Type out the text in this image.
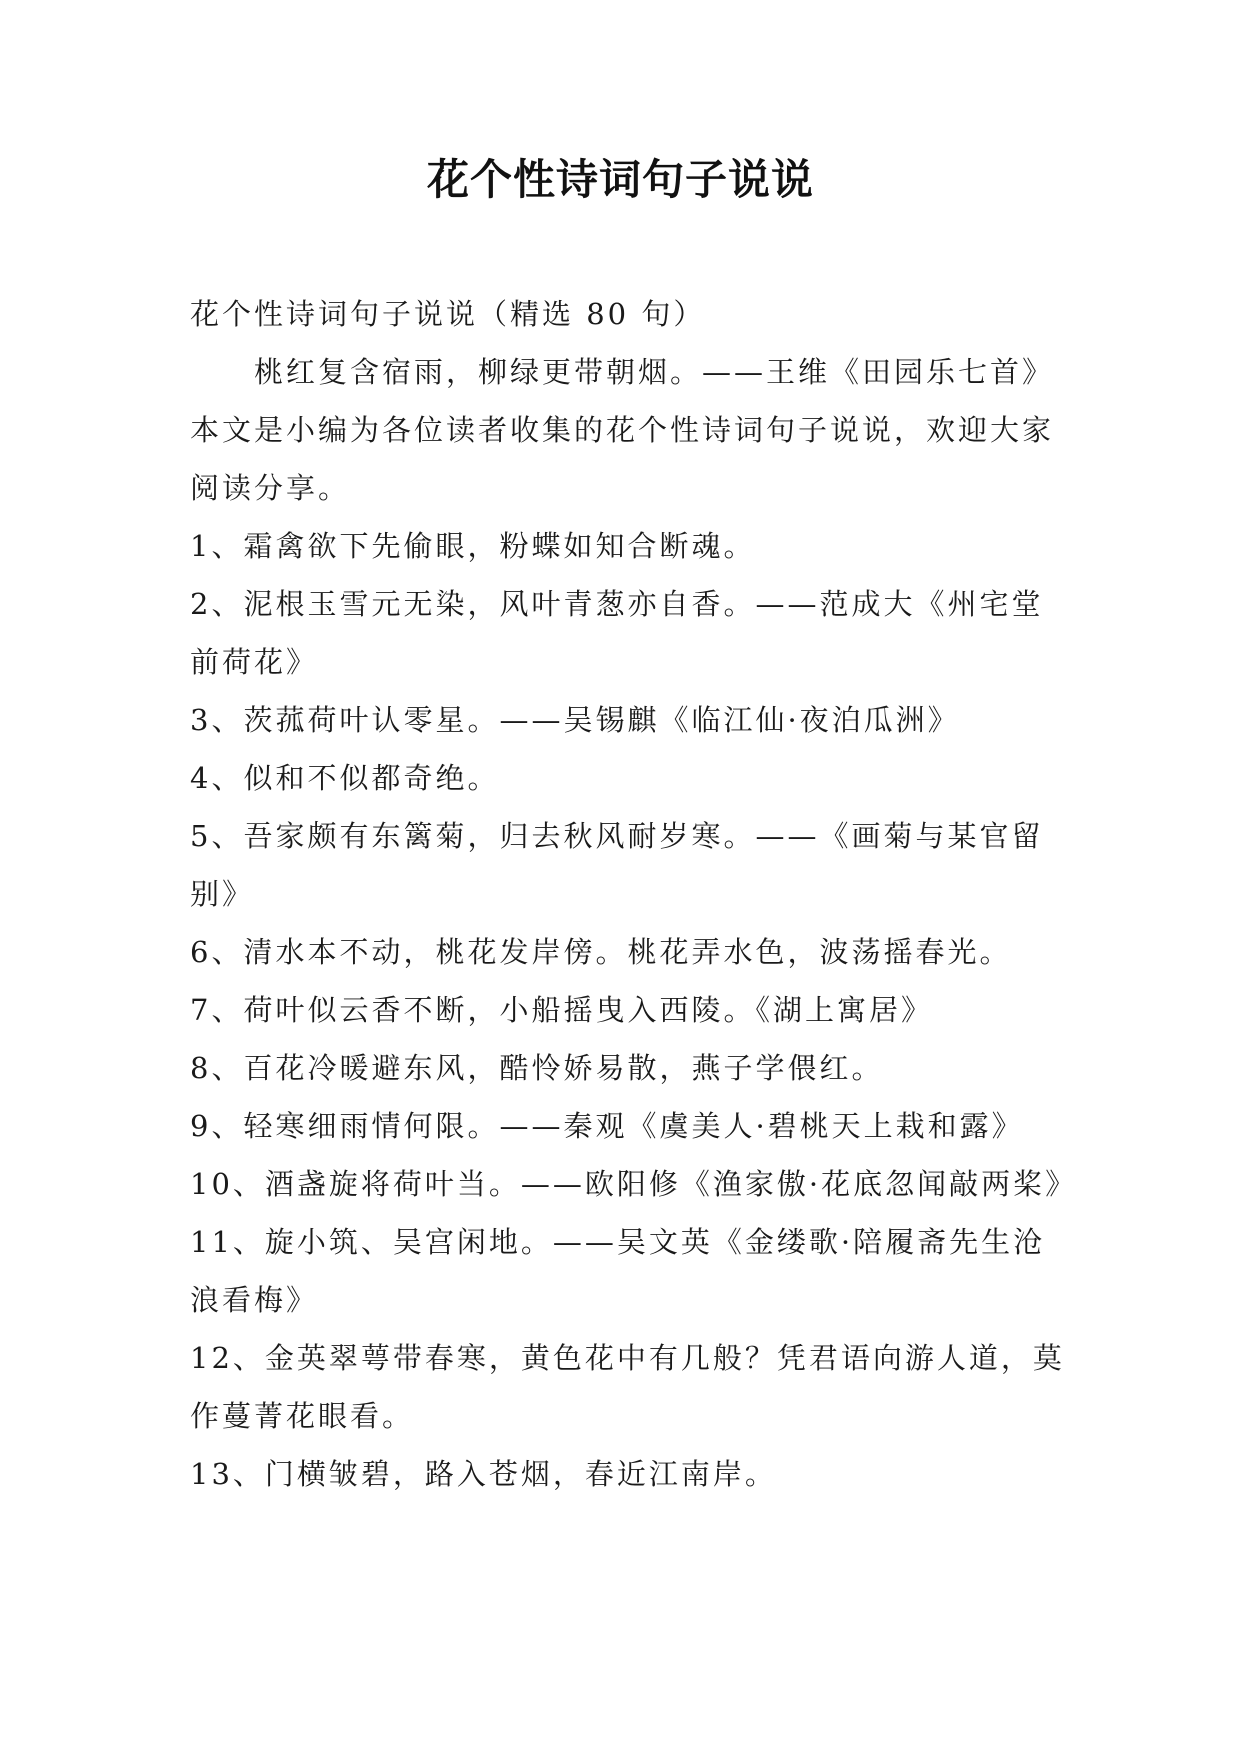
花个性诗词句子说说

花个性诗词句子说说（精选 80 句）

桃红复含宿雨，柳绿更带朝烟。——王维《田园乐七首》本文是小编为各位读者收集的花个性诗词句子说说，欢迎大家阅读分享。

1、霜禽欲下先偷眼，粉蝶如知合断魂。

2、泥根玉雪元无染，风叶青葱亦自香。——范成大《州宅堂前荷花》

3、茨菰荷叶认零星。——吴锡麒《临江仙·夜泊瓜洲》

4、似和不似都奇绝。

5、吾家颇有东篱菊，归去秋风耐岁寒。——《画菊与某官留别》

6、清水本不动，桃花发岸傍。桃花弄水色，波荡摇春光。

7、荷叶似云香不断，小船摇曳入西陵。《湖上寓居》

8、百花冷暖避东风，酷怜娇易散，燕子学偎红。

9、轻寒细雨情何限。——秦观《虞美人·碧桃天上栽和露》

10、酒盏旋将荷叶当。——欧阳修《渔家傲·花底忽闻敲两桨》

11、旋小筑、吴宫闲地。——吴文英《金缕歌·陪履斋先生沧浪看梅》

12、金英翠萼带春寒，黄色花中有几般？凭君语向游人道，莫作蔓菁花眼看。

13、门横皱碧，路入苍烟，春近江南岸。
